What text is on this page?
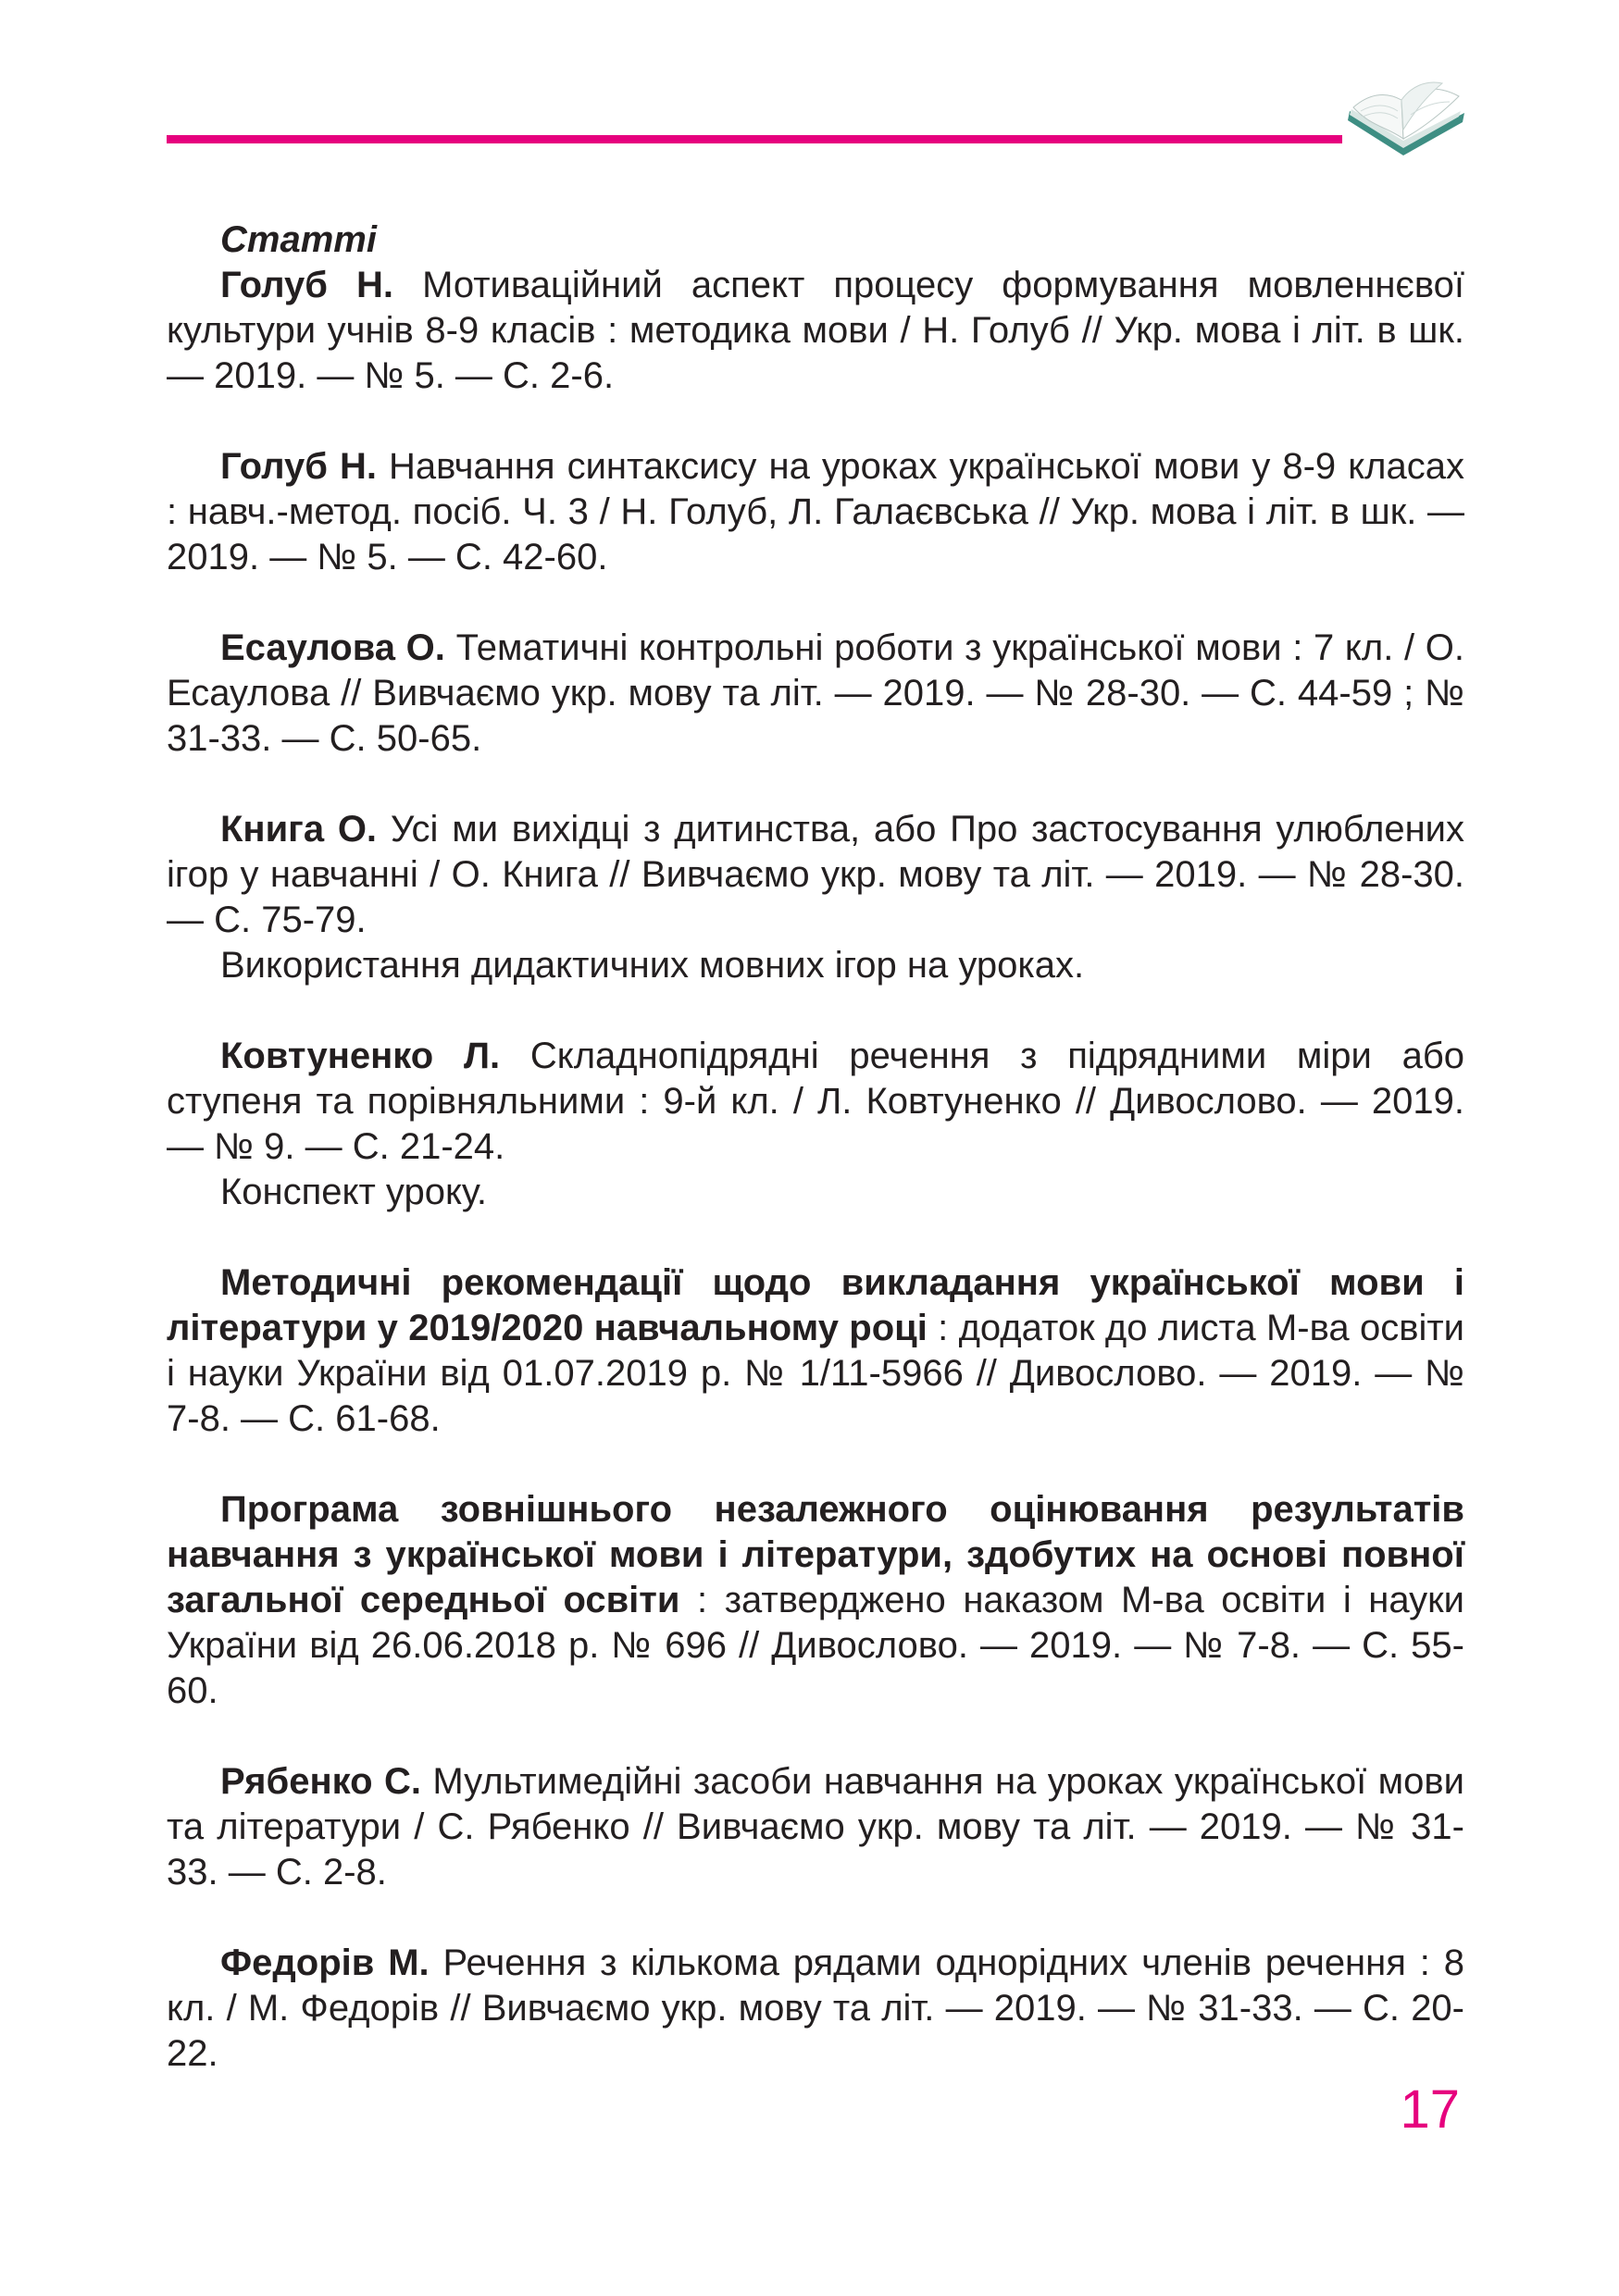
Статті

Голуб Н. Мотиваційний аспект процесу формування мовленнєвої культури учнів 8-9 класів : методика мови / Н. Голуб // Укр. мова і літ. в шк. — 2019. — № 5. — С. 2-6.

Голуб Н. Навчання синтаксису на уроках української мови у 8-9 класах : навч.-метод. посіб. Ч. 3 / Н. Голуб, Л. Галаєвська // Укр. мова і літ. в шк. — 2019. — № 5. — С. 42-60.

Есаулова О. Тематичні контрольні роботи з української мови : 7 кл. / О. Есаулова // Вивчаємо укр. мову та літ. — 2019. — № 28-30. — С. 44-59 ; № 31-33. — С. 50-65.

Книга О. Усі ми вихідці з дитинства, або Про застосування улюблених ігор у навчанні / О. Книга // Вивчаємо укр. мову та літ. — 2019. — № 28-30. — С. 75-79.

Використання дидактичних мовних ігор на уроках.

Ковтуненко Л. Складнопідрядні речення з підрядними міри або ступеня та порівняльними : 9-й кл. / Л. Ковтуненко // Дивослово. — 2019. — № 9. — С. 21-24.

Конспект уроку.

Методичні рекомендації щодо викладання української мови і літератури у 2019/2020 навчальному році : додаток до листа М-ва освіти і науки України від 01.07.2019 р. № 1/11-5966 // Дивослово. — 2019. — № 7-8. — С. 61-68.

Програма зовнішнього незалежного оцінювання результатів навчання з української мови і літератури, здобутих на основі повної загальної середньої освіти : затверджено наказом М-ва освіти і науки України від 26.06.2018 р. № 696 // Дивослово. — 2019. — № 7-8. — С. 55-60.

Рябенко С. Мультимедійні засоби навчання на уроках української мови та літератури / С. Рябенко // Вивчаємо укр. мову та літ. — 2019. — № 31-33. — С. 2-8.

Федорів М. Речення з кількома рядами однорідних членів речення : 8 кл. / М. Федорів // Вивчаємо укр. мову та літ. — 2019. — № 31-33. — С. 20-22.

17
